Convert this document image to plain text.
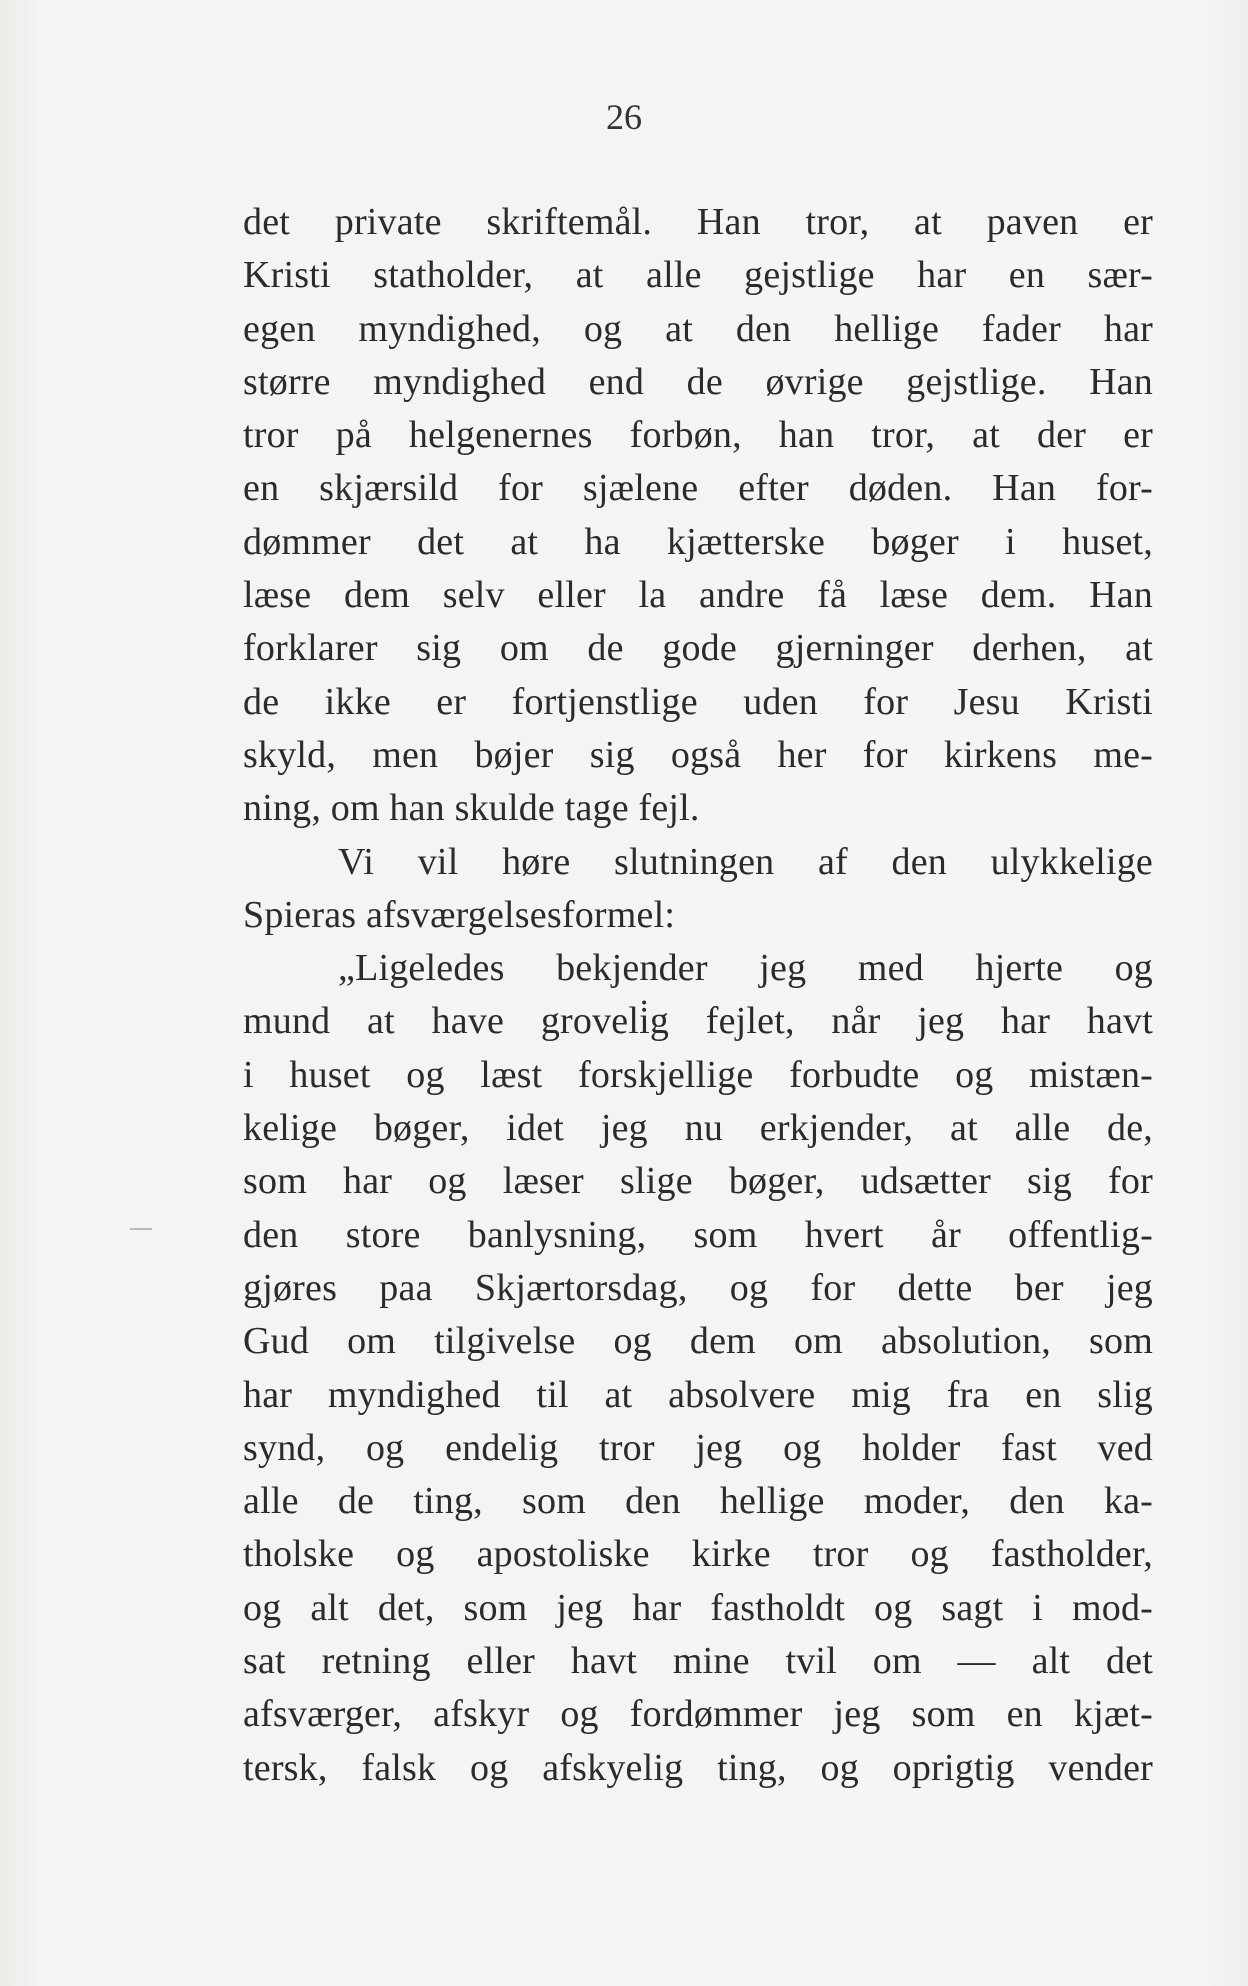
26
det private skriftemål. Han tror, at paven er
Kristi statholder, at alle gejstlige har en sær-
egen myndighed, og at den hellige fader har
større myndighed end de øvrige gejstlige. Han
tror på helgenernes forbøn, han tror, at der er
en skjærsild for sjælene efter døden. Han for-
dømmer det at ha kjætterske bøger i huset,
læse dem selv eller la andre få læse dem. Han
forklarer sig om de gode gjerninger derhen, at
de ikke er fortjenstlige uden for Jesu Kristi
skyld, men bøjer sig også her for kirkens me-
ning, om han skulde tage fejl.
Vi vil høre slutningen af den ulykkelige
Spieras afsværgelsesformel:
„Ligeledes bekjender jeg med hjerte og
mund at have groveli̇g fejlet, når jeg har havt
i huset og læst forskjellige forbudte og mistæn-
kelige bøger, idet jeg nu erkjender, at alle de,
som har og læser slige bøger, udsætter sig for
den store banlysning, som hvert år offentlig-
gjøres paa Skjærtorsdag, og for dette ber jeg
Gud om tilgivelse og dem om absolution, som
har myndighed til at absolvere mig fra en slig
synd, og endelig tror jeg og holder fast ved
alle de ting, som den hellige moder, den ka-
tholske og apostoliske kirke tror og fastholder,
og alt det, som jeg har fastholdt og sagt i mod-
sat retning eller havt mine tvil om — alt det
afsværger, afskyr og fordømmer jeg som en kjæt-
tersk, falsk og afskyelig ting, og oprigtig vender
